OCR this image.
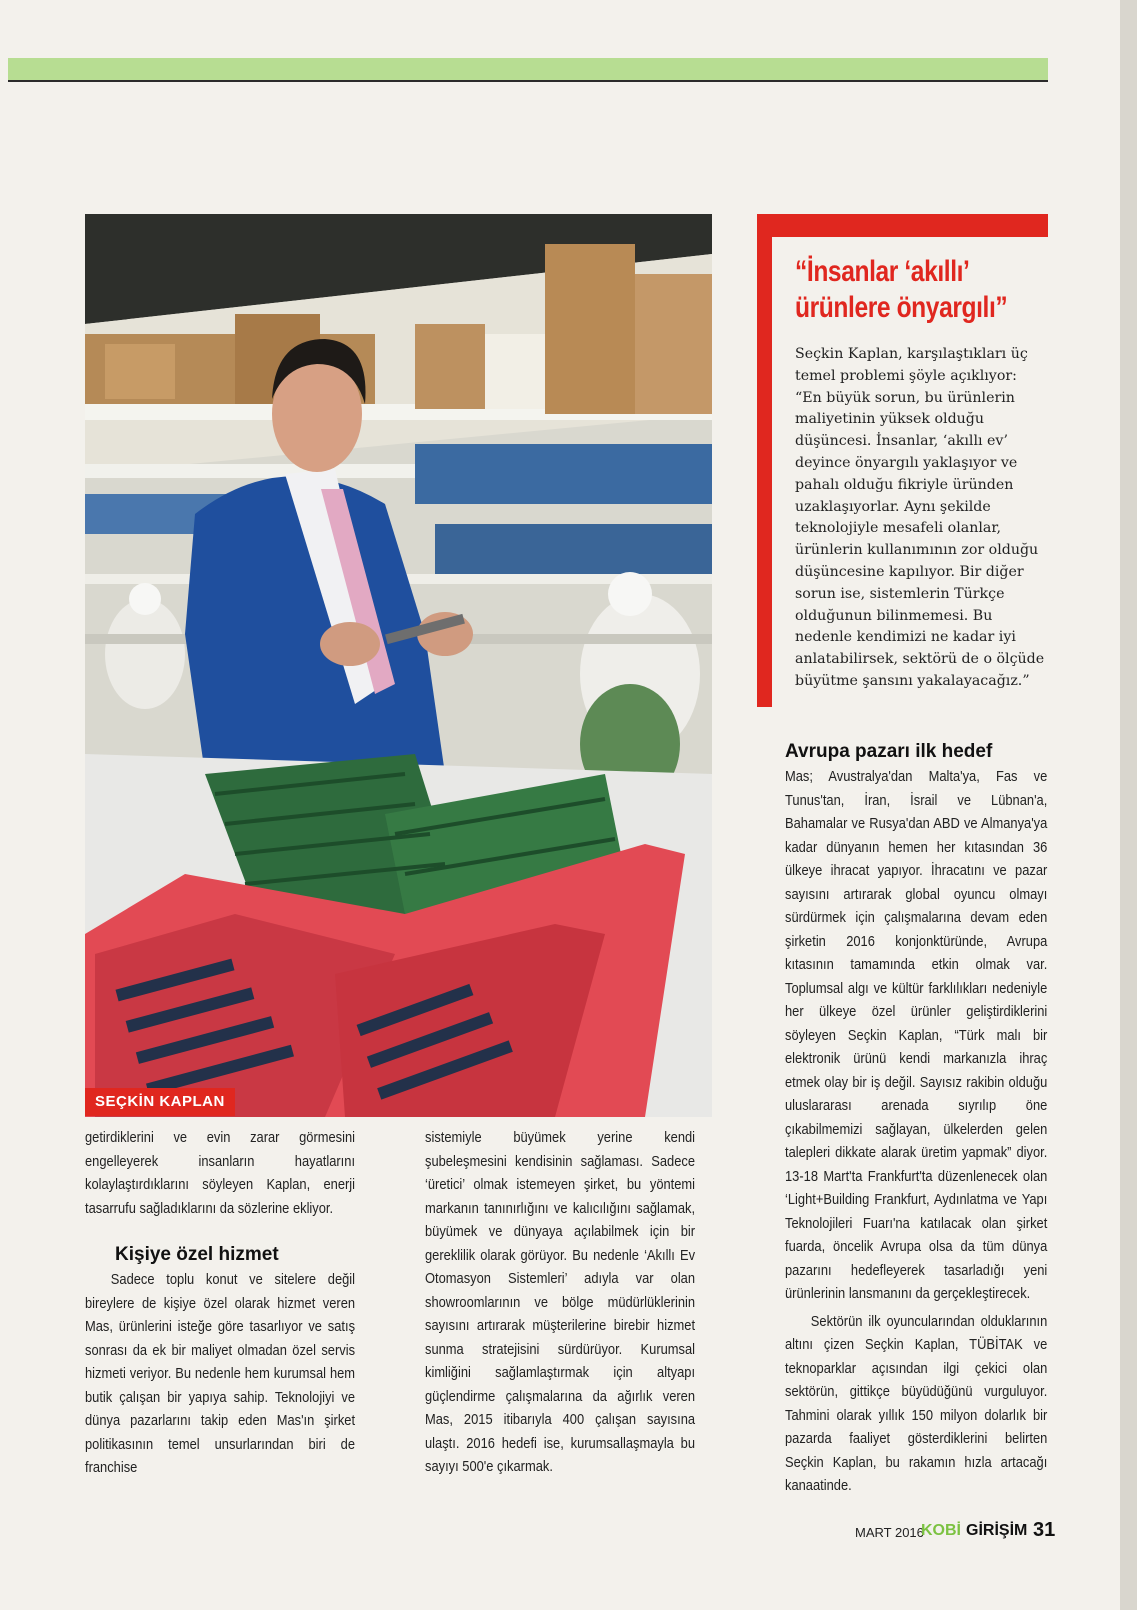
SEÇKİN KAPLAN
“İnsanlar ‘akıllı’ ürünlere önyargılı”

Seçkin Kaplan, karşılaştıkları üç temel problemi şöyle açıklıyor: “En büyük sorun, bu ürünlerin maliyetinin yüksek olduğu düşüncesi. İnsanlar, ‘akıllı ev’ deyince önyargılı yaklaşıyor ve pahalı olduğu fikriyle üründen uzaklaşıyorlar. Aynı şekilde teknolojiyle mesafeli olanlar, ürünlerin kullanımının zor olduğu düşüncesine kapılıyor. Bir diğer sorun ise, sistemlerin Türkçe olduğunun bilinmemesi. Bu nedenle kendimizi ne kadar iyi anlatabilirsek, sektörü de o ölçüde büyütme şansını yakalayacağız.”

getirdiklerini ve evin zarar görmesini engelleyerek insanların hayatlarını kolaylaştırdıklarını söyleyen Kaplan, enerji tasarrufu sağladıklarını da sözlerine ekliyor.

Kişiye özel hizmet

Sadece toplu konut ve sitelere değil bireylere de kişiye özel olarak hizmet veren Mas, ürünlerini isteğe göre tasarlıyor ve satış sonrası da ek bir maliyet olmadan özel servis hizmeti veriyor. Bu nedenle hem kurumsal hem butik çalışan bir yapıya sahip. Teknolojiyi ve dünya pazarlarını takip eden Mas'ın şirket politikasının temel unsurlarından biri de franchise

sistemiyle büyümek yerine kendi şubeleşmesini kendisinin sağlaması. Sadece ‘üretici’ olmak istemeyen şirket, bu yöntemi markanın tanınırlığını ve kalıcılığını sağlamak, büyümek ve dünyaya açılabilmek için bir gereklilik olarak görüyor. Bu nedenle ‘Akıllı Ev Otomasyon Sistemleri’ adıyla var olan showroomlarının ve bölge müdürlüklerinin sayısını artırarak müşterilerine birebir hizmet sunma stratejisini sürdürüyor. Kurumsal kimliğini sağlamlaştırmak için altyapı güçlendirme çalışmalarına da ağırlık veren Mas, 2015 itibarıyla 400 çalışan sayısına ulaştı. 2016 hedefi ise, kurumsallaşmayla bu sayıyı 500'e çıkarmak.

Avrupa pazarı ilk hedef

Mas; Avustralya'dan Malta'ya, Fas ve Tunus'tan, İran, İsrail ve Lübnan'a, Bahamalar ve Rusya'dan ABD ve Almanya'ya kadar dünyanın hemen her kıtasından 36 ülkeye ihracat yapıyor. İhracatını ve pazar sayısını artırarak global oyuncu olmayı sürdürmek için çalışmalarına devam eden şirketin 2016 konjonktüründe, Avrupa kıtasının tamamında etkin olmak var. Toplumsal algı ve kültür farklılıkları nedeniyle her ülkeye özel ürünler geliştirdiklerini söyleyen Seçkin Kaplan, “Türk malı bir elektronik ürünü kendi markanızla ihraç etmek olay bir iş değil. Sayısız rakibin olduğu uluslararası arenada sıyrılıp öne çıkabilmemizi sağlayan, ülkelerden gelen talepleri dikkate alarak üretim yapmak” diyor. 13-18 Mart'ta Frankfurt'ta düzenlenecek olan ‘Light+Building Frankfurt, Aydınlatma ve Yapı Teknolojileri Fuarı'na katılacak olan şirket fuarda, öncelik Avrupa olsa da tüm dünya pazarını hedefleyerek tasarladığı yeni ürünlerinin lansmanını da gerçekleştirecek.

Sektörün ilk oyuncularından olduklarının altını çizen Seçkin Kaplan, TÜBİTAK ve teknoparklar açısından ilgi çekici olan sektörün, gittikçe büyüdüğünü vurguluyor. Tahmini olarak yıllık 150 milyon dolarlık bir pazarda faaliyet gösterdiklerini belirten Seçkin Kaplan, bu rakamın hızla artacağı kanaatinde.

MART 2016
KOBİ GİRİŞİM 31
